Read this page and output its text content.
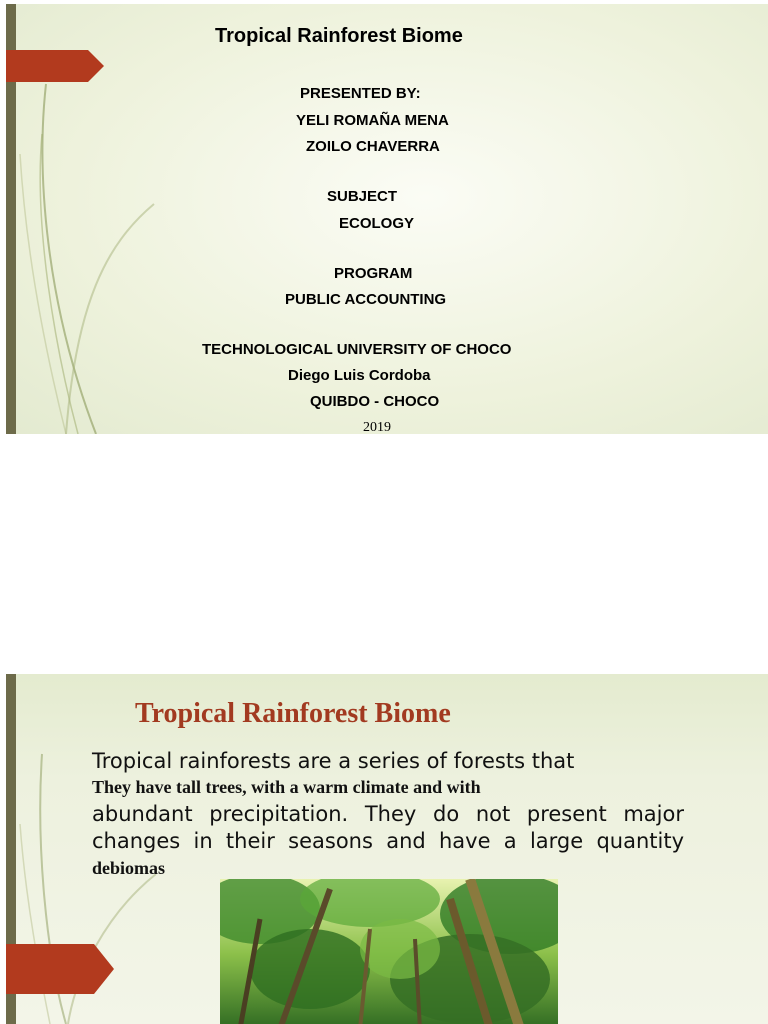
Tropical Rainforest Biome
PRESENTED BY:
YELI ROMAÑA MENA
ZOILO CHAVERRA
SUBJECT
ECOLOGY
PROGRAM
PUBLIC ACCOUNTING
TECHNOLOGICAL UNIVERSITY OF CHOCO
Diego Luis Cordoba
QUIBDO - CHOCO
2019
Tropical Rainforest Biome
Tropical rainforests are a series of forests that
They have tall trees, with a warm climate and with
abundant precipitation. They do not present major
changes in their seasons and have a large quantity
debiomas
